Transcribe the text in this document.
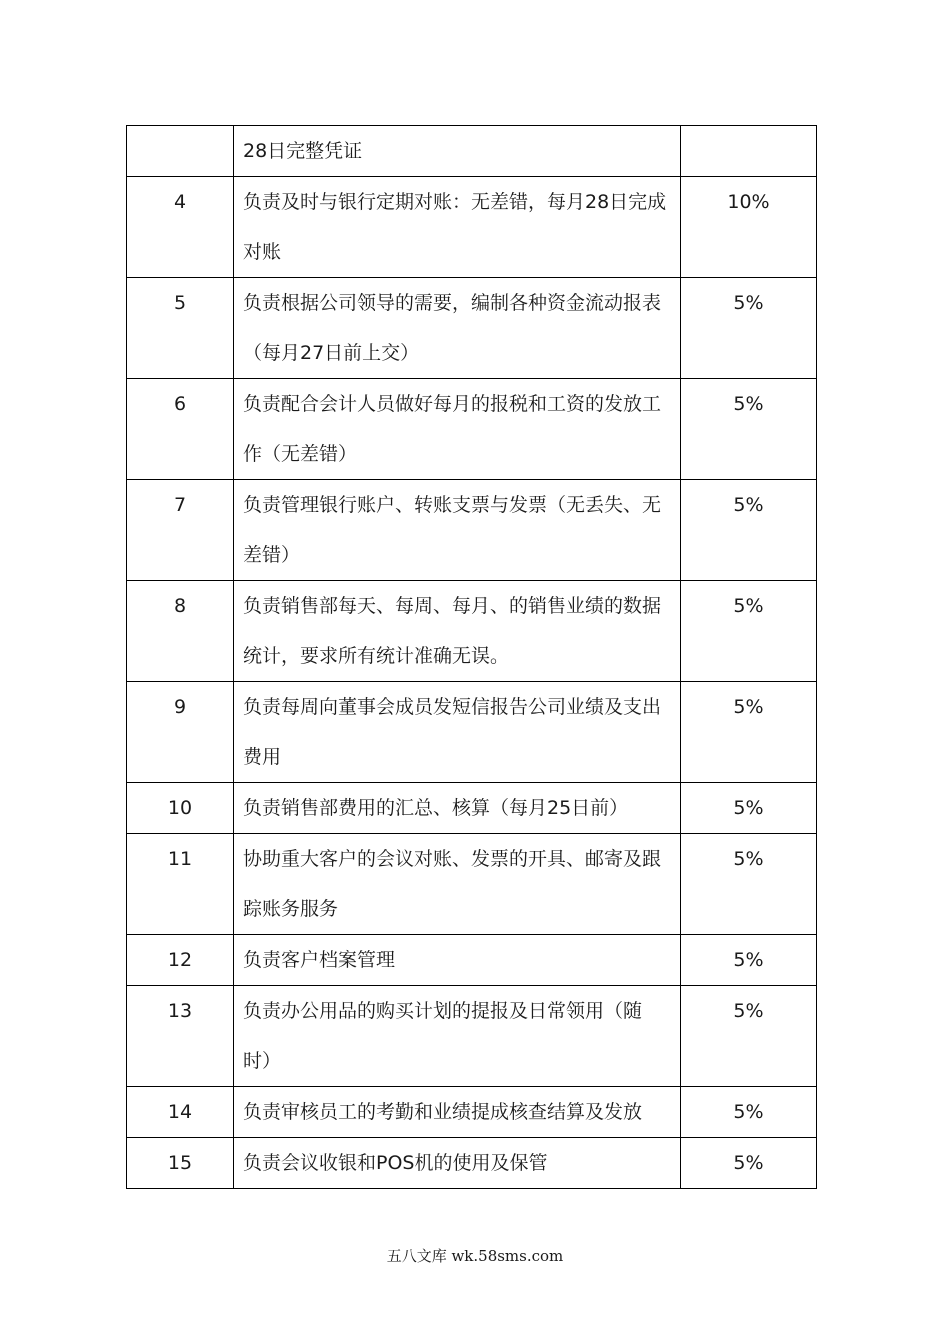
	28日完整凭证	
4	负责及时与银行定期对账：无差错，每月28日完成对账	10%
5	负责根据公司领导的需要，编制各种资金流动报表（每月27日前上交）	5%
6	负责配合会计人员做好每月的报税和工资的发放工作（无差错）	5%
7	负责管理银行账户、转账支票与发票（无丢失、无差错）	5%
8	负责销售部每天、每周、每月、的销售业绩的数据统计，要求所有统计准确无误。	5%
9	负责每周向董事会成员发短信报告公司业绩及支出费用	5%
10	负责销售部费用的汇总、核算（每月25日前）	5%
11	协助重大客户的会议对账、发票的开具、邮寄及跟踪账务服务	5%
12	负责客户档案管理	5%
13	负责办公用品的购买计划的提报及日常领用（随时）	5%
14	负责审核员工的考勤和业绩提成核查结算及发放	5%
15	负责会议收银和POS机的使用及保管	5%
五八文库 wk.58sms.com
